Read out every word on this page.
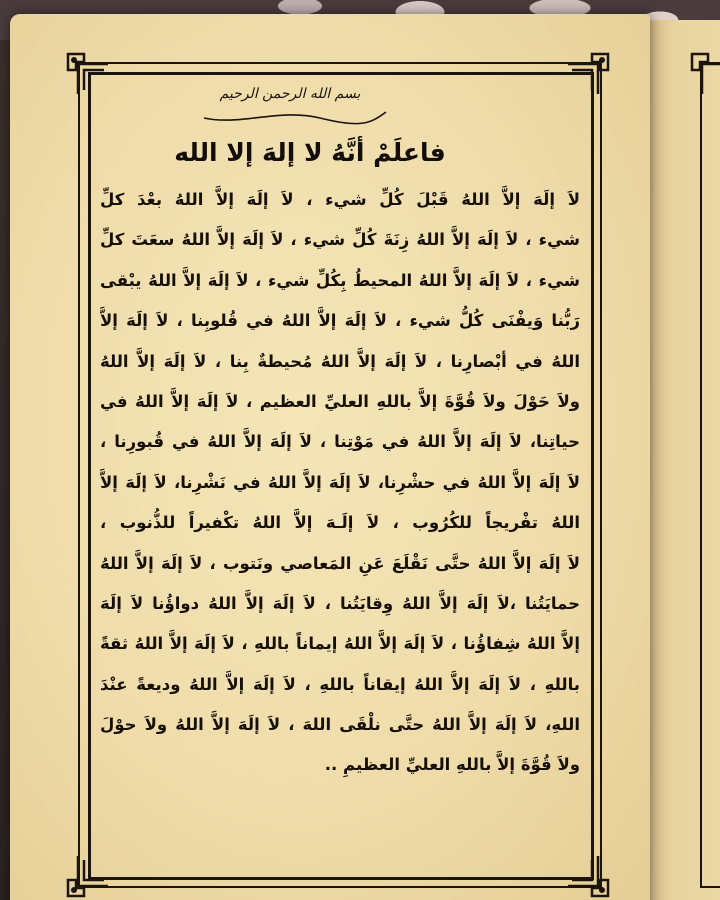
بسم الله الرحمن الرحيم
فاعلَمْ أنَّهُ لا إلهَ إلا الله
لاَ إلَهَ إلاَّ اللهُ قَبْلَ كُلِّ شيء ، لاَ إلَهَ إلاَّ اللهُ بعْدَ كلِّ
شيء ، لاَ إلَهَ إلاَّ اللهُ زِنَةَ كُلِّ شيء ، لاَ إلَهَ إلاَّ اللهُ سعَتَ كلِّ
شيء ، لاَ إلَهَ إلاَّ اللهُ المحيطُ بِكُلِّ شيء ، لاَ إلَهَ إلاَّ اللهُ يبْقى
رَبُّنا وَيفْنَى كُلُّ شيء ، لاَ إلَهَ إلاَّ اللهُ في قُلوبِنا ، لاَ إلَهَ إلاَّ
اللهُ في أبْصارِنا ، لاَ إلَهَ إلاَّ اللهُ مُحيطةٌ بِنا ، لاَ إلَهَ إلاَّ اللهُ
ولاَ حَوْلَ ولاَ قُوَّةَ إلاَّ باللهِ العليِّ العظيم ، لاَ إلَهَ إلاَّ اللهُ في
حياتِنا، لاَ إلَهَ إلاَّ اللهُ في مَوْتِنا ، لاَ إلَهَ إلاَّ اللهُ في قُبورِنا ،
لاَ إلَهَ إلاَّ اللهُ في حشْرِنا، لاَ إلَهَ إلاَّ اللهُ في نَشْرِنا، لاَ إلَهَ إلاَّ
اللهُ تفْريجاً للكُرُوب ، لاَ إلَـهَ إلاَّ اللهُ تكْفيراً للذُّنوب ،
لاَ إلَهَ إلاَّ اللهُ حتَّى نَقْلَعَ عَنِ المَعاصي ونَتوب ، لاَ إلَهَ إلاَّ اللهُ
حمايَتُنا ،لاَ إلَهَ إلاَّ اللهُ وِقايَتُنا ، لاَ إلَهَ إلاَّ اللهُ دواؤُنا لاَ إلَهَ
إلاَّ اللهُ شِفاؤُنا ، لاَ إلَهَ إلاَّ اللهُ إيماناً باللهِ ، لاَ إلَهَ إلاَّ اللهُ ثقةً
باللهِ ، لاَ إلَهَ إلاَّ اللهُ إيقاناً باللهِ ، لاَ إلَهَ إلاَّ اللهُ وديعةً عنْدَ
اللهِ، لاَ إلَهَ إلاَّ اللهُ حتَّى نلْقَى اللهَ ، لاَ إلَهَ إلاَّ اللهُ ولاَ حوْلَ
ولاَ قُوَّةَ إلاَّ باللهِ العليِّ العظيمِ ..
